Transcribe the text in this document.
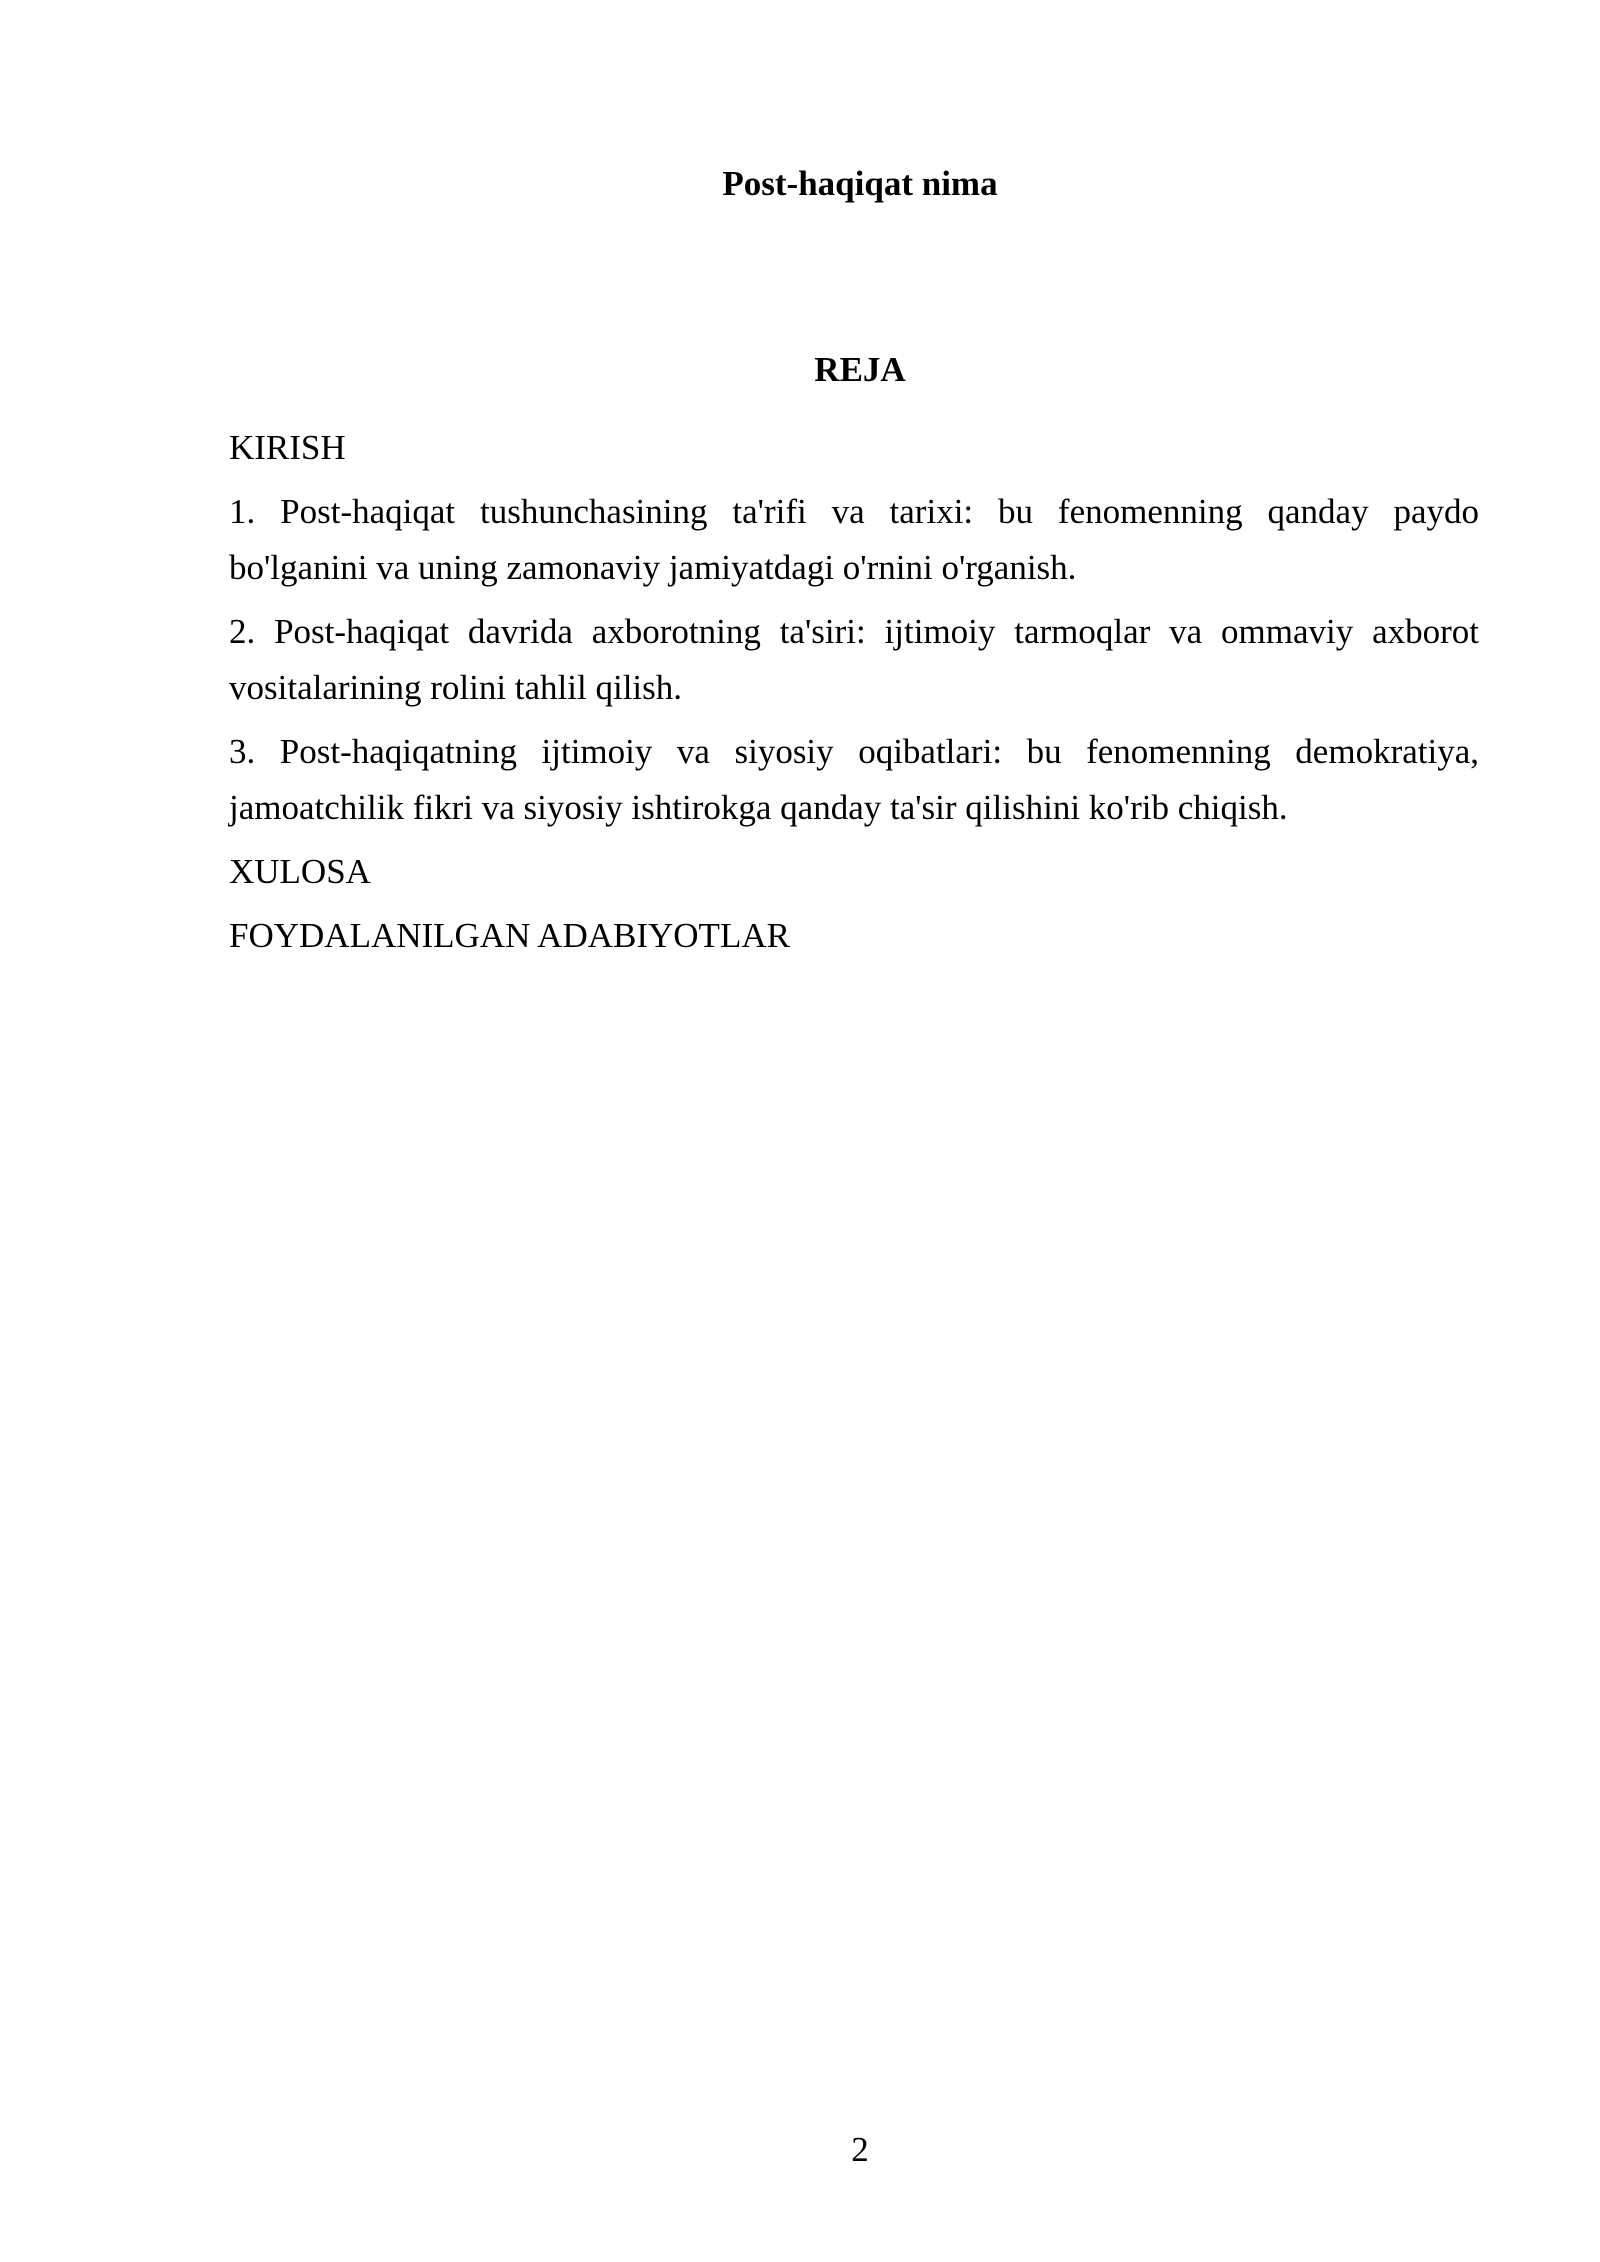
Post-haqiqat nima
REJA

KIRISH

1. Post-haqiqat tushunchasining ta'rifi va tarixi: bu fenomenning qanday paydo bo'lganini va uning zamonaviy jamiyatdagi o'rnini o'rganish.

2. Post-haqiqat davrida axborotning ta'siri: ijtimoiy tarmoqlar va ommaviy axborot vositalarining rolini tahlil qilish.

3. Post-haqiqatning ijtimoiy va siyosiy oqibatlari: bu fenomenning demokratiya, jamoatchilik fikri va siyosiy ishtirokga qanday ta'sir qilishini ko'rib chiqish.

XULOSA

FOYDALANILGAN ADABIYOTLAR

2
